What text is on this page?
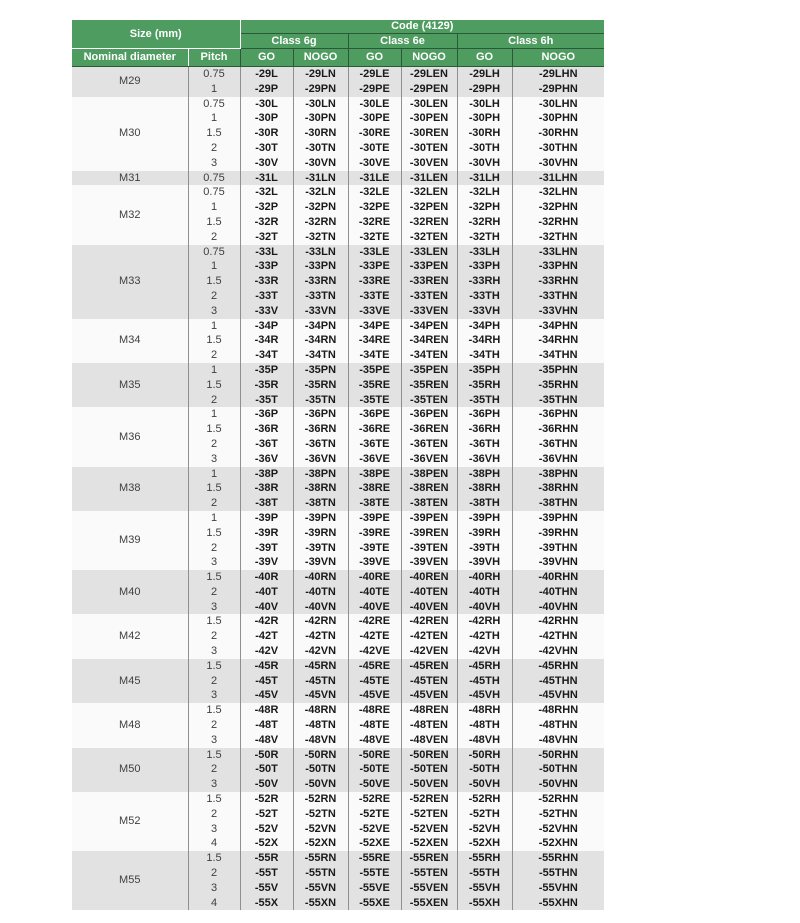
Size (mm)		Code (4129)					
		Class 6g		Class 6e		Class 6h	
Nominal diameter	Pitch	GO	NOGO	GO	NOGO	GO	NOGO
M29	0.75	-29L	-29LN	-29LE	-29LEN	-29LH	-29LHN
	1	-29P	-29PN	-29PE	-29PEN	-29PH	-29PHN
M30	0.75	-30L	-30LN	-30LE	-30LEN	-30LH	-30LHN
	1	-30P	-30PN	-30PE	-30PEN	-30PH	-30PHN
	1.5	-30R	-30RN	-30RE	-30REN	-30RH	-30RHN
	2	-30T	-30TN	-30TE	-30TEN	-30TH	-30THN
	3	-30V	-30VN	-30VE	-30VEN	-30VH	-30VHN
M31	0.75	-31L	-31LN	-31LE	-31LEN	-31LH	-31LHN
M32	0.75	-32L	-32LN	-32LE	-32LEN	-32LH	-32LHN
	1	-32P	-32PN	-32PE	-32PEN	-32PH	-32PHN
	1.5	-32R	-32RN	-32RE	-32REN	-32RH	-32RHN
	2	-32T	-32TN	-32TE	-32TEN	-32TH	-32THN
M33	0.75	-33L	-33LN	-33LE	-33LEN	-33LH	-33LHN
	1	-33P	-33PN	-33PE	-33PEN	-33PH	-33PHN
	1.5	-33R	-33RN	-33RE	-33REN	-33RH	-33RHN
	2	-33T	-33TN	-33TE	-33TEN	-33TH	-33THN
	3	-33V	-33VN	-33VE	-33VEN	-33VH	-33VHN
M34	1	-34P	-34PN	-34PE	-34PEN	-34PH	-34PHN
	1.5	-34R	-34RN	-34RE	-34REN	-34RH	-34RHN
	2	-34T	-34TN	-34TE	-34TEN	-34TH	-34THN
M35	1	-35P	-35PN	-35PE	-35PEN	-35PH	-35PHN
	1.5	-35R	-35RN	-35RE	-35REN	-35RH	-35RHN
	2	-35T	-35TN	-35TE	-35TEN	-35TH	-35THN
M36	1	-36P	-36PN	-36PE	-36PEN	-36PH	-36PHN
	1.5	-36R	-36RN	-36RE	-36REN	-36RH	-36RHN
	2	-36T	-36TN	-36TE	-36TEN	-36TH	-36THN
	3	-36V	-36VN	-36VE	-36VEN	-36VH	-36VHN
M38	1	-38P	-38PN	-38PE	-38PEN	-38PH	-38PHN
	1.5	-38R	-38RN	-38RE	-38REN	-38RH	-38RHN
	2	-38T	-38TN	-38TE	-38TEN	-38TH	-38THN
M39	1	-39P	-39PN	-39PE	-39PEN	-39PH	-39PHN
	1.5	-39R	-39RN	-39RE	-39REN	-39RH	-39RHN
	2	-39T	-39TN	-39TE	-39TEN	-39TH	-39THN
	3	-39V	-39VN	-39VE	-39VEN	-39VH	-39VHN
M40	1.5	-40R	-40RN	-40RE	-40REN	-40RH	-40RHN
	2	-40T	-40TN	-40TE	-40TEN	-40TH	-40THN
	3	-40V	-40VN	-40VE	-40VEN	-40VH	-40VHN
M42	1.5	-42R	-42RN	-42RE	-42REN	-42RH	-42RHN
	2	-42T	-42TN	-42TE	-42TEN	-42TH	-42THN
	3	-42V	-42VN	-42VE	-42VEN	-42VH	-42VHN
M45	1.5	-45R	-45RN	-45RE	-45REN	-45RH	-45RHN
	2	-45T	-45TN	-45TE	-45TEN	-45TH	-45THN
	3	-45V	-45VN	-45VE	-45VEN	-45VH	-45VHN
M48	1.5	-48R	-48RN	-48RE	-48REN	-48RH	-48RHN
	2	-48T	-48TN	-48TE	-48TEN	-48TH	-48THN
	3	-48V	-48VN	-48VE	-48VEN	-48VH	-48VHN
M50	1.5	-50R	-50RN	-50RE	-50REN	-50RH	-50RHN
	2	-50T	-50TN	-50TE	-50TEN	-50TH	-50THN
	3	-50V	-50VN	-50VE	-50VEN	-50VH	-50VHN
M52	1.5	-52R	-52RN	-52RE	-52REN	-52RH	-52RHN
	2	-52T	-52TN	-52TE	-52TEN	-52TH	-52THN
	3	-52V	-52VN	-52VE	-52VEN	-52VH	-52VHN
	4	-52X	-52XN	-52XE	-52XEN	-52XH	-52XHN
M55	1.5	-55R	-55RN	-55RE	-55REN	-55RH	-55RHN
	2	-55T	-55TN	-55TE	-55TEN	-55TH	-55THN
	3	-55V	-55VN	-55VE	-55VEN	-55VH	-55VHN
	4	-55X	-55XN	-55XE	-55XEN	-55XH	-55XHN
